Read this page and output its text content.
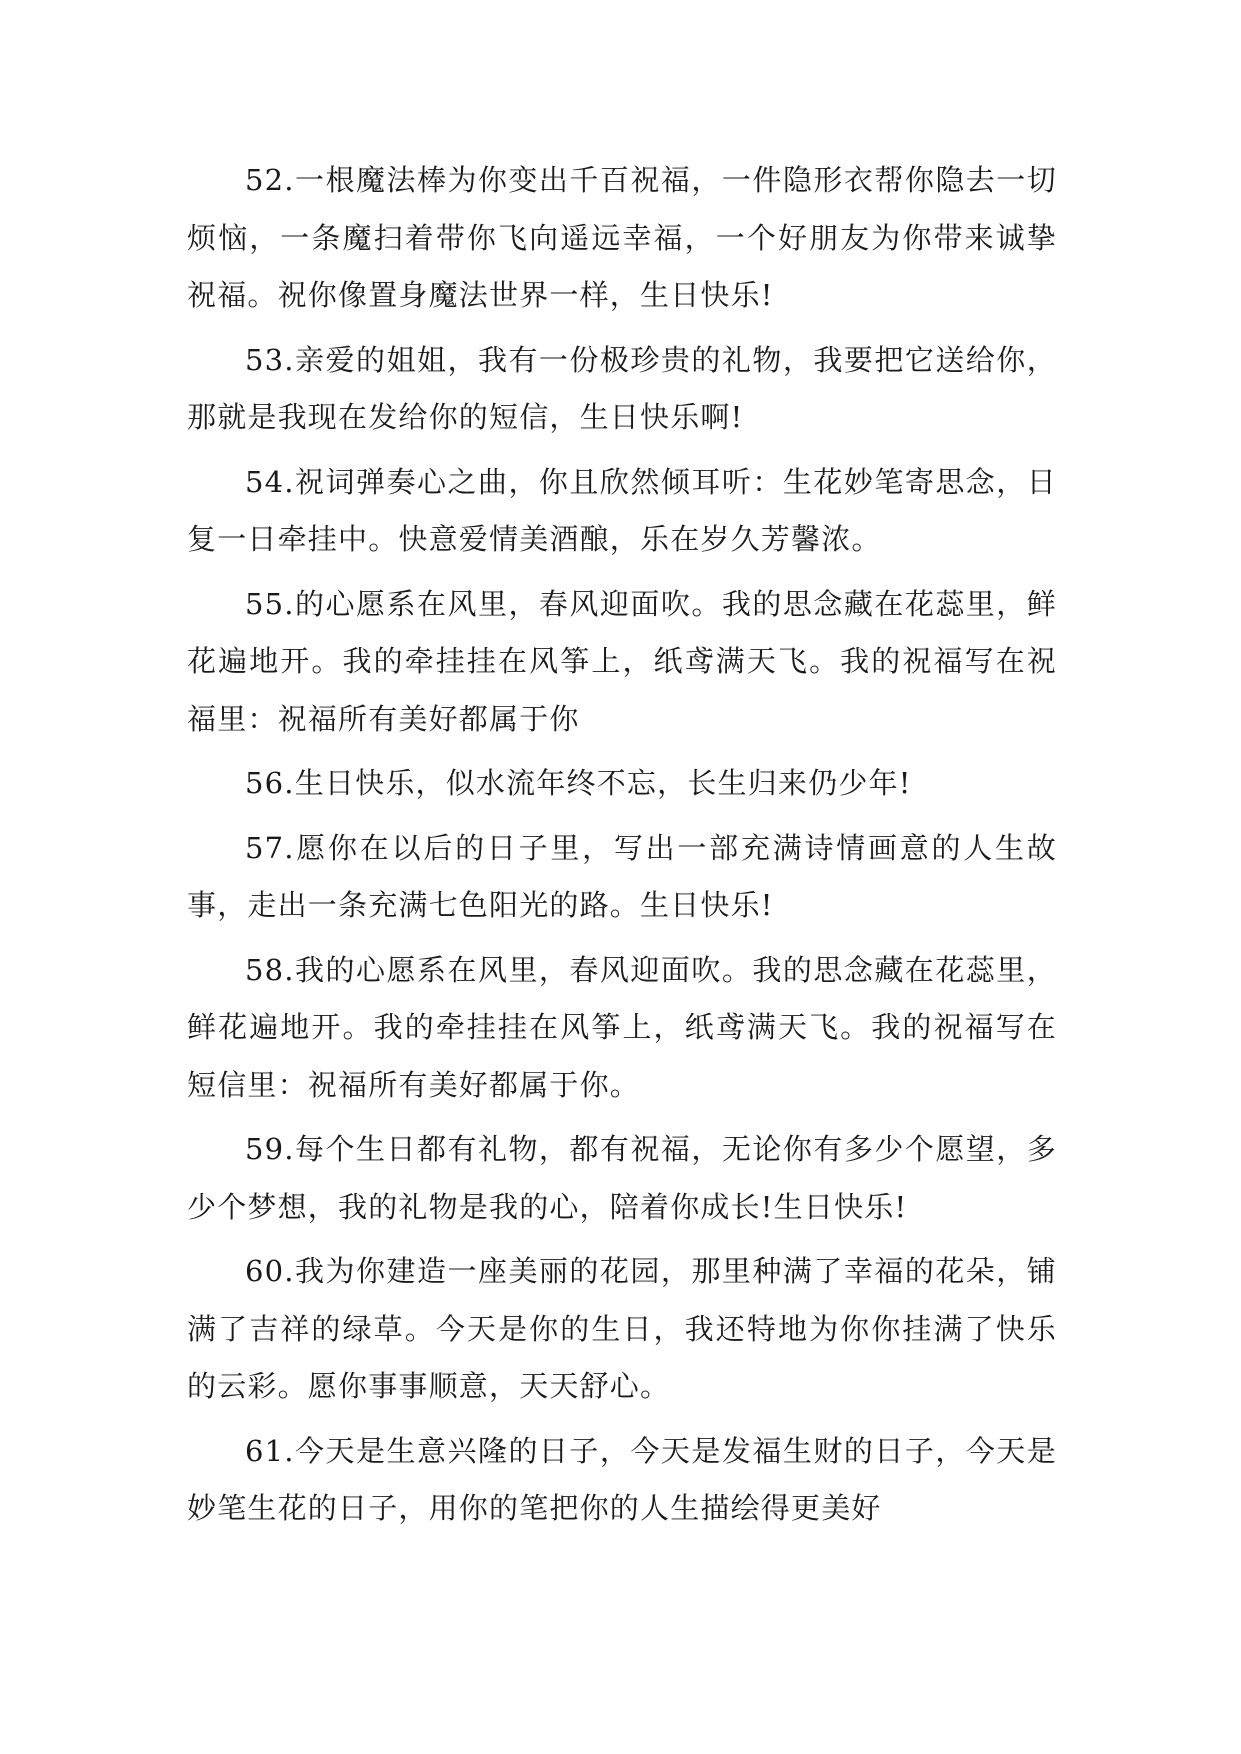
52.一根魔法棒为你变出千百祝福，一件隐形衣帮你隐去一切烦恼，一条魔扫着带你飞向遥远幸福，一个好朋友为你带来诚挚祝福。祝你像置身魔法世界一样，生日快乐!

53.亲爱的姐姐，我有一份极珍贵的礼物，我要把它送给你，那就是我现在发给你的短信，生日快乐啊!

54.祝词弹奏心之曲，你且欣然倾耳听：生花妙笔寄思念，日复一日牵挂中。快意爱情美酒酿，乐在岁久芳馨浓。

55.的心愿系在风里，春风迎面吹。我的思念藏在花蕊里，鲜花遍地开。我的牵挂挂在风筝上，纸鸢满天飞。我的祝福写在祝福里：祝福所有美好都属于你

56.生日快乐，似水流年终不忘，长生归来仍少年!

57.愿你在以后的日子里，写出一部充满诗情画意的人生故事，走出一条充满七色阳光的路。生日快乐!

58.我的心愿系在风里，春风迎面吹。我的思念藏在花蕊里，鲜花遍地开。我的牵挂挂在风筝上，纸鸢满天飞。我的祝福写在短信里：祝福所有美好都属于你。

59.每个生日都有礼物，都有祝福，无论你有多少个愿望，多少个梦想，我的礼物是我的心，陪着你成长!生日快乐!

60.我为你建造一座美丽的花园，那里种满了幸福的花朵，铺满了吉祥的绿草。今天是你的生日，我还特地为你你挂满了快乐的云彩。愿你事事顺意，天天舒心。

61.今天是生意兴隆的日子，今天是发福生财的日子，今天是妙笔生花的日子，用你的笔把你的人生描绘得更美好
